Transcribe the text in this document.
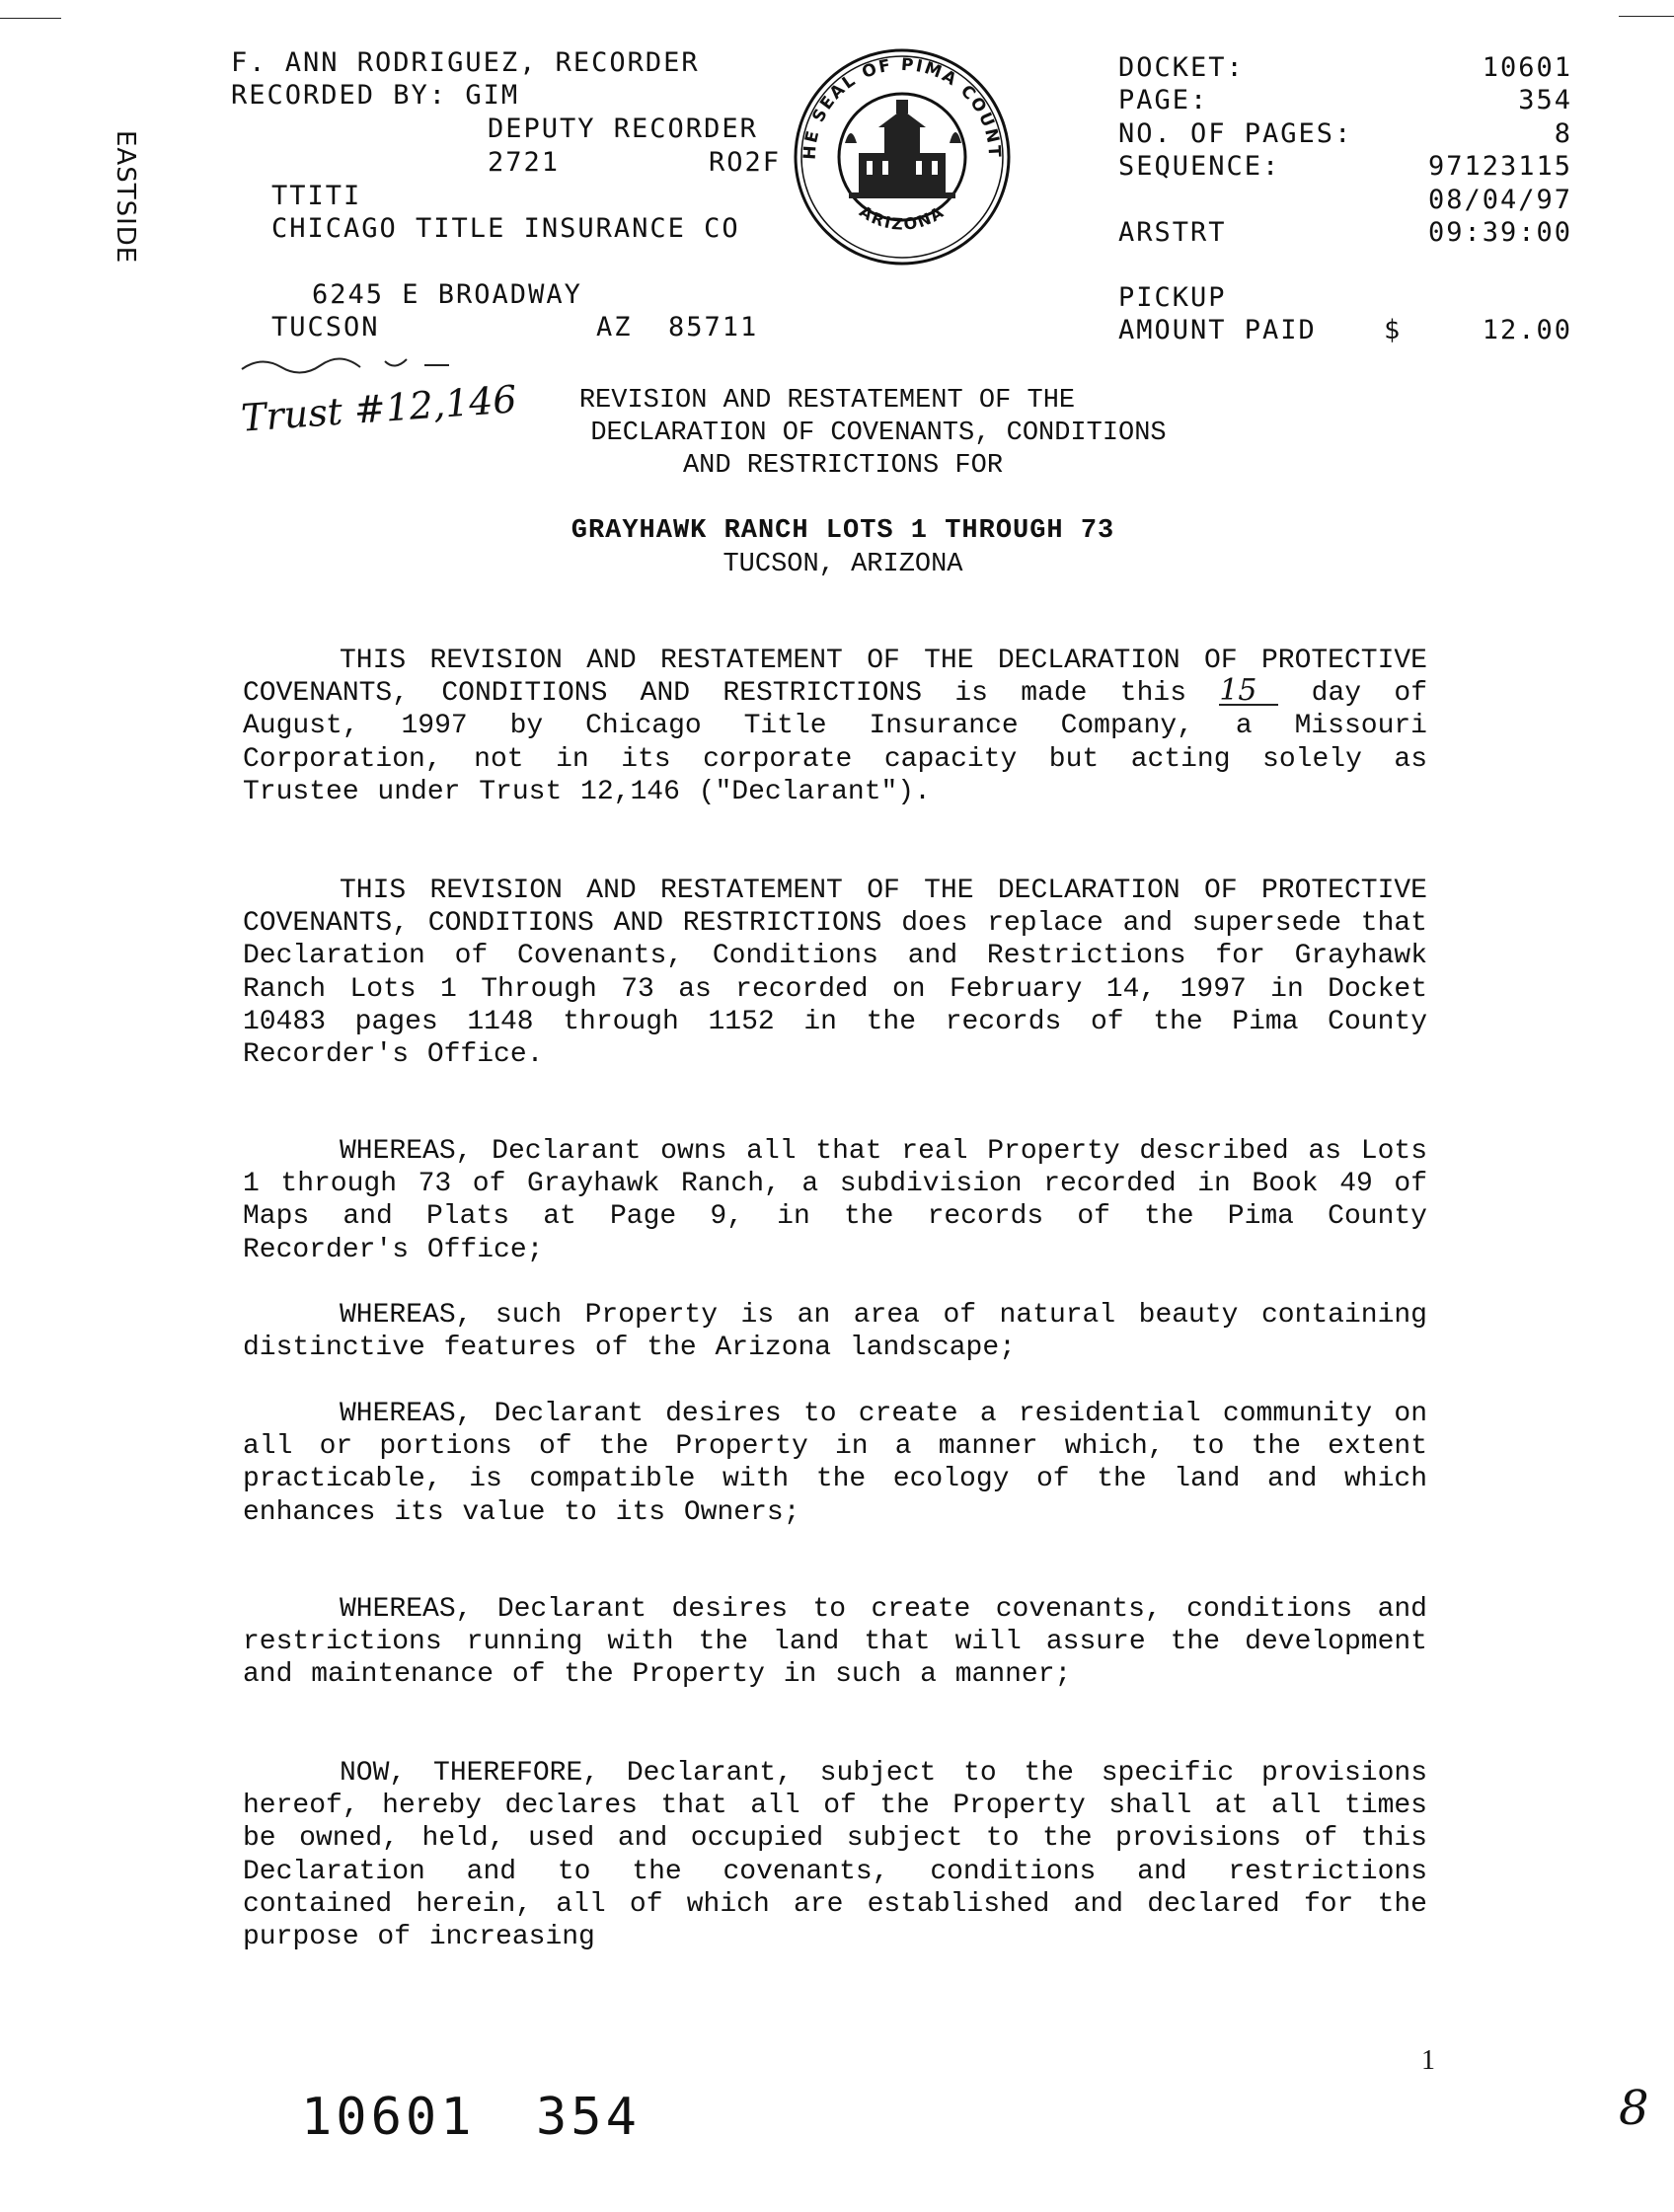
EASTSIDE
F. ANN RODRIGUEZ, RECORDER
RECORDED BY: GIM
DEPUTY RECORDER
2721	RO2F
TTITI
CHICAGO TITLE INSURANCE CO
6245 E BROADWAY
TUCSON	AZ  85711
HE SEAL OF PIMA COUNT
ARIZONA
DOCKET:	10601
PAGE:	354
NO. OF PAGES:	8
SEQUENCE:	97123115
08/04/97
ARSTRT	09:39:00
PICKUP
AMOUNT PAID	$	12.00
Trust #12,146	REVISION AND RESTATEMENT OF THE
DECLARATION OF COVENANTS, CONDITIONS
AND RESTRICTIONS FOR
GRAYHAWK RANCH LOTS 1 THROUGH 73
TUCSON, ARIZONA
THIS REVISION AND RESTATEMENT OF THE DECLARATION OF PROTECTIVE COVENANTS, CONDITIONS AND RESTRICTIONS is made this 15 day of August, 1997 by Chicago Title Insurance Company, a Missouri Corporation, not in its corporate capacity but acting solely as Trustee under Trust 12,146 ("Declarant").
THIS REVISION AND RESTATEMENT OF THE DECLARATION OF PROTECTIVE COVENANTS, CONDITIONS AND RESTRICTIONS does replace and supersede that Declaration of Covenants, Conditions and Restrictions for Grayhawk Ranch Lots 1 Through 73 as recorded on February 14, 1997 in Docket 10483 pages 1148 through 1152 in the records of the Pima County Recorder's Office.
WHEREAS, Declarant owns all that real Property described as Lots 1 through 73 of Grayhawk Ranch, a subdivision recorded in Book 49 of Maps and Plats at Page 9, in the records of the Pima County Recorder's Office;
WHEREAS, such Property is an area of natural beauty containing distinctive features of the Arizona landscape;
WHEREAS, Declarant desires to create a residential community on all or portions of the Property in a manner which, to the extent practicable, is compatible with the ecology of the land and which enhances its value to its Owners;
WHEREAS, Declarant desires to create covenants, conditions and restrictions running with the land that will assure the development and maintenance of the Property in such a manner;
NOW, THEREFORE, Declarant, subject to the specific provisions hereof, hereby declares that all of the Property shall at all times be owned, held, used and occupied subject to the provisions of this Declaration and to the covenants, conditions and restrictions contained herein, all of which are established and declared for the purpose of increasing
1
10601 354	8
